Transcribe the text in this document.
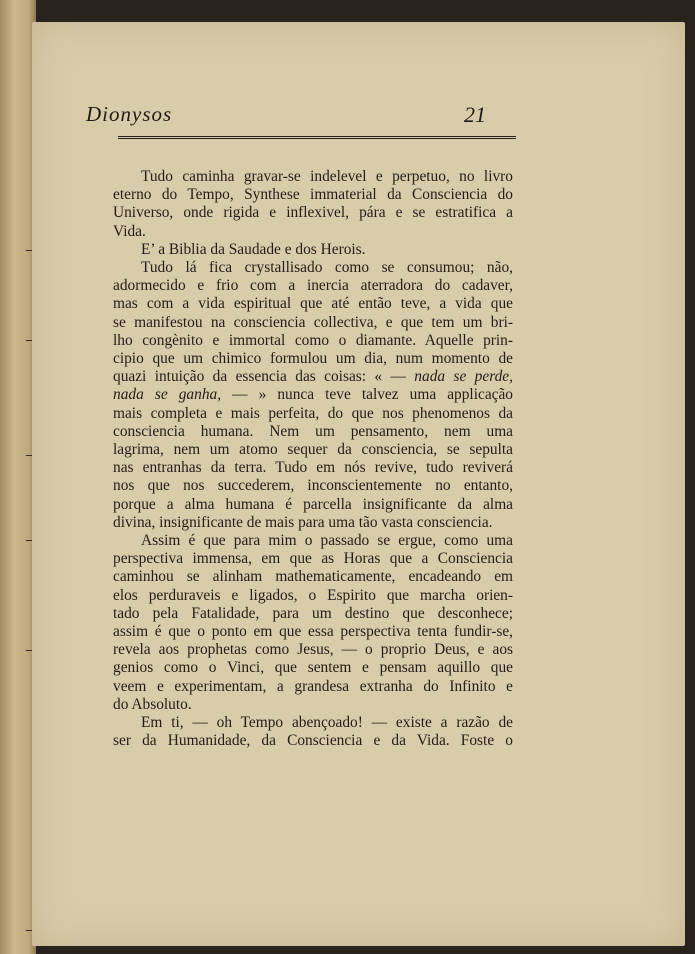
Dionysos	21
Tudo caminha gravar-se indelevel e perpetuo, no livro
eterno do Tempo, Synthese immaterial da Consciencia do
Universo, onde rigida e inflexivel, pára e se estratifica a
Vida.
E’ a Biblia da Saudade e dos Herois.
Tudo lá fica crystallisado como se consumou; não,
adormecido e frio com a inercia aterradora do cadaver,
mas com a vida espiritual que até então teve, a vida que
se manifestou na consciencia collectiva, e que tem um bri-
lho congènito e immortal como o diamante. Aquelle prin-
cipio que um chimico formulou um dia, num momento de
quazi intuição da essencia das coisas: « — nada se perde,
nada se ganha, — » nunca teve talvez uma applicação
mais completa e mais perfeita, do que nos phenomenos da
consciencia humana. Nem um pensamento, nem uma
lagrima, nem um atomo sequer da consciencia, se sepulta
nas entranhas da terra. Tudo em nós revive, tudo reviverá
nos que nos succederem, inconscientemente no entanto,
porque a alma humana é parcella insignificante da alma
divina, insignificante de mais para uma tão vasta consciencia.
Assim é que para mim o passado se ergue, como uma
perspectiva immensa, em que as Horas que a Consciencia
caminhou se alinham mathematicamente, encadeando em
elos perduraveis e ligados, o Espirito que marcha orien-
tado pela Fatalidade, para um destino que desconhece;
assim é que o ponto em que essa perspectiva tenta fundir-se,
revela aos prophetas como Jesus, — o proprio Deus, e aos
genios como o Vinci, que sentem e pensam aquillo que
veem e experimentam, a grandesa extranha do Infinito e
do Absoluto.
Em ti, — oh Tempo abençoado! — existe a razão de
ser da Humanidade, da Consciencia e da Vida. Foste o
